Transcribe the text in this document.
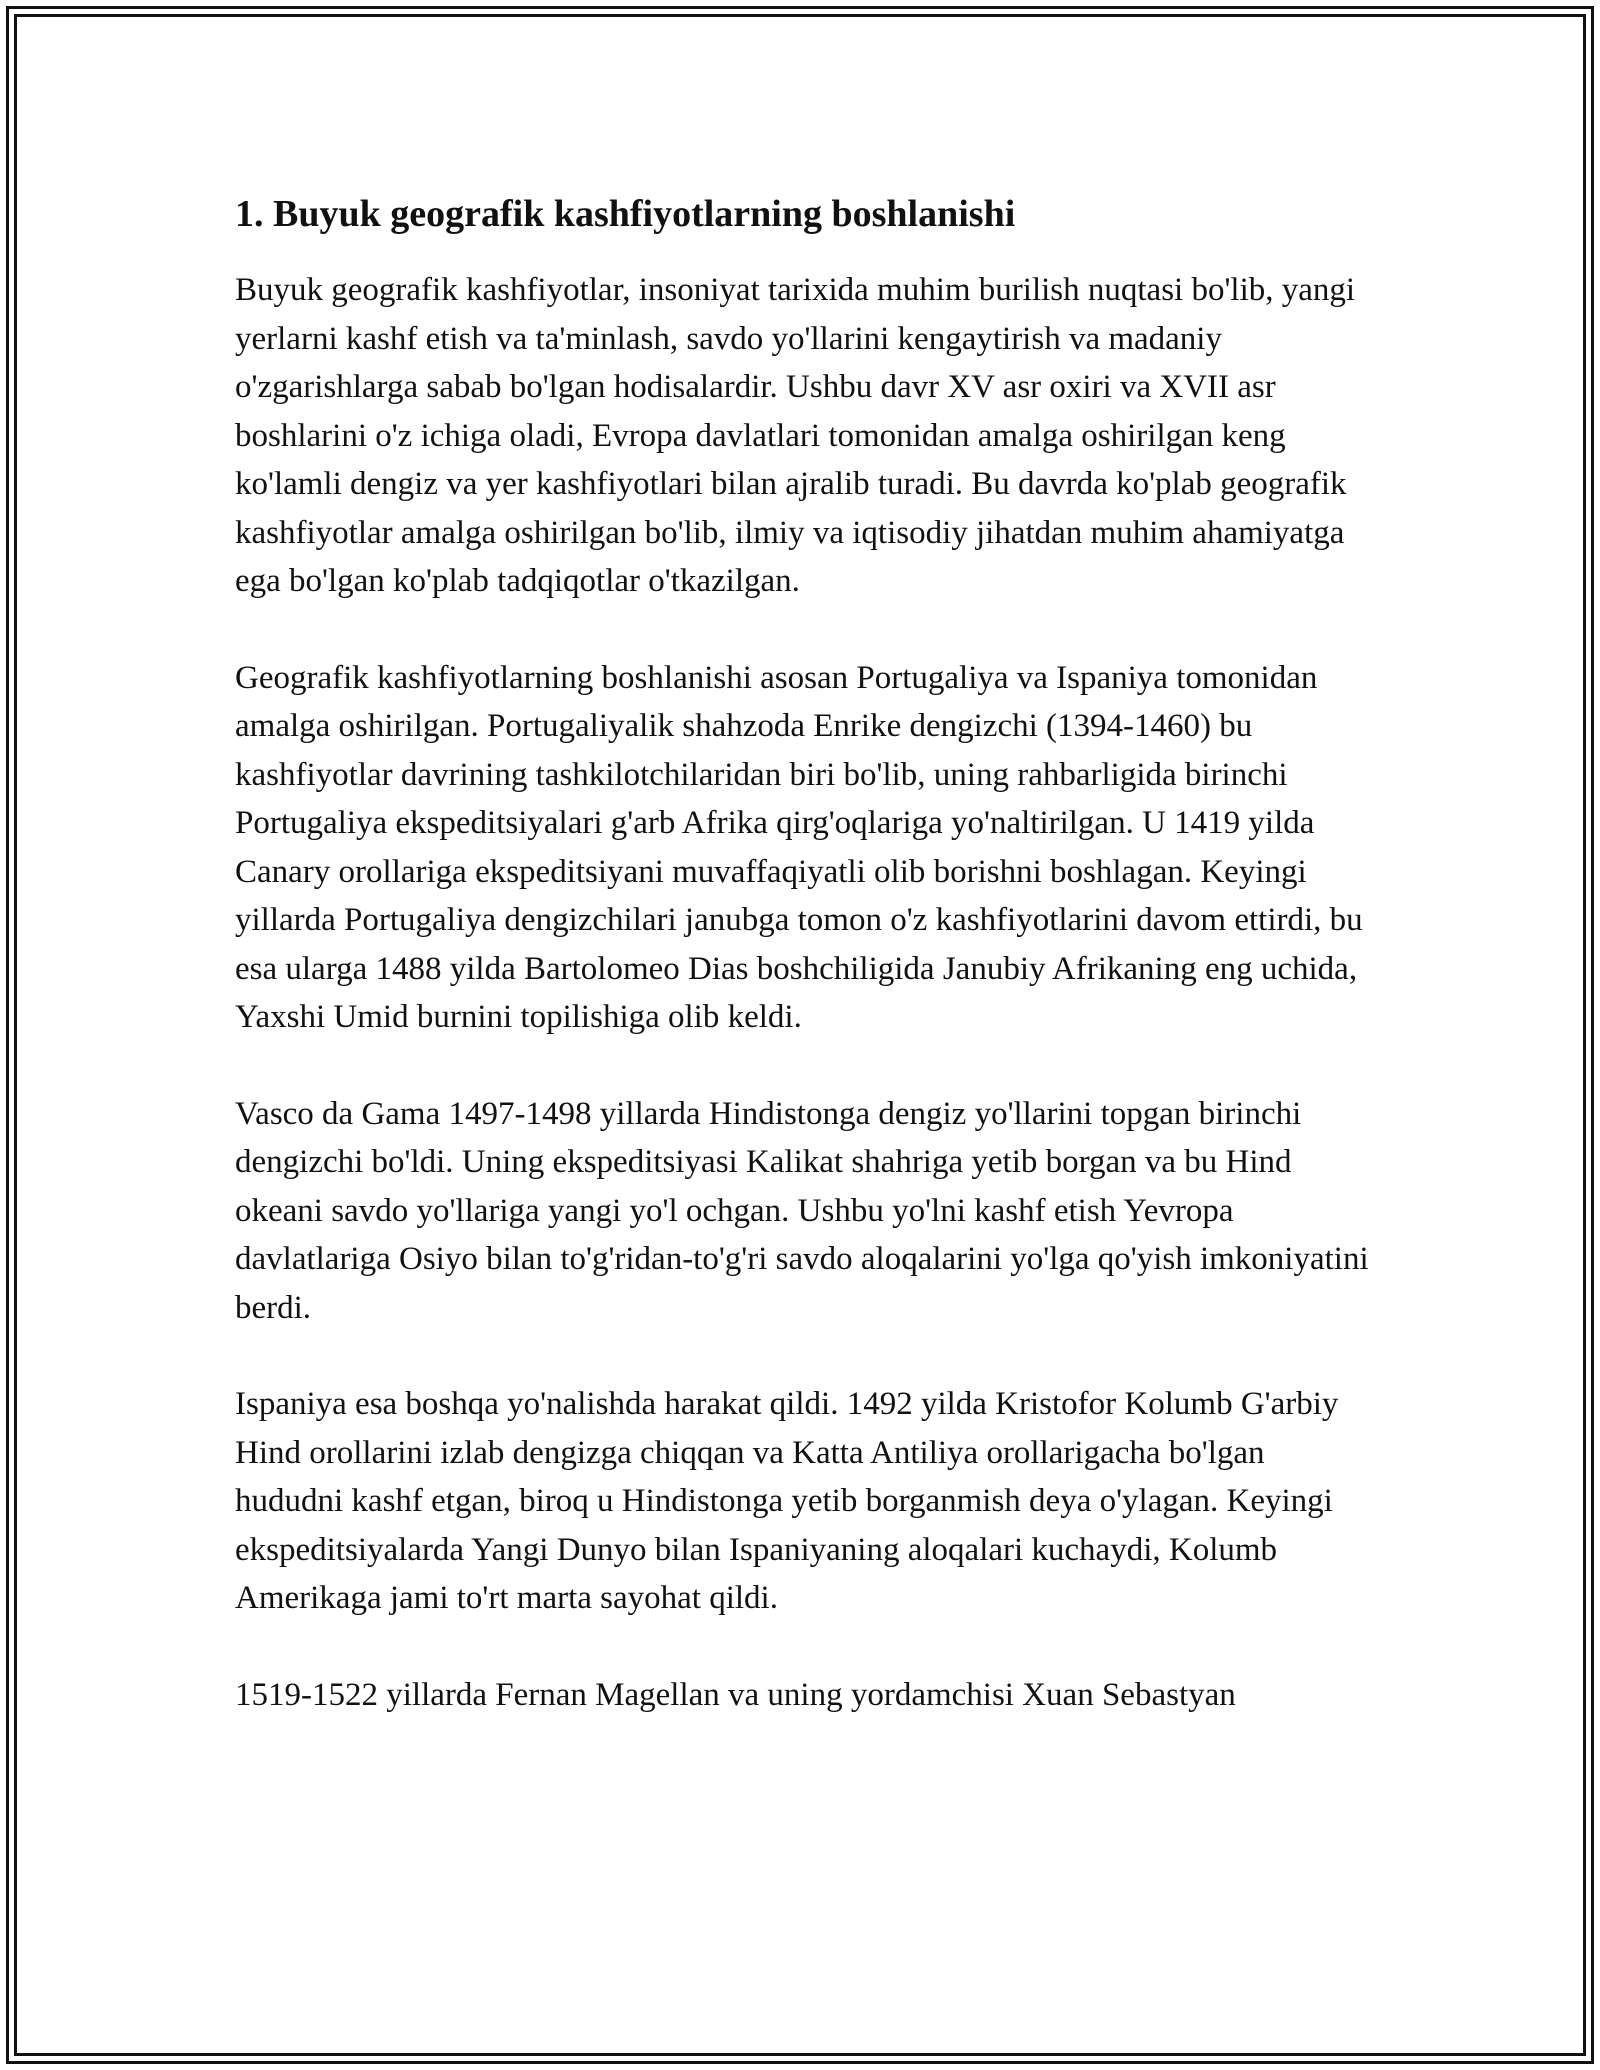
1. Buyuk geografik kashfiyotlarning boshlanishi

Buyuk geografik kashfiyotlar, insoniyat tarixida muhim burilish nuqtasi bo'lib, yangi yerlarni kashf etish va ta'minlash, savdo yo'llarini kengaytirish va madaniy o'zgarishlarga sabab bo'lgan hodisalardir. Ushbu davr XV asr oxiri va XVII asr boshlarini o'z ichiga oladi, Evropa davlatlari tomonidan amalga oshirilgan keng ko'lamli dengiz va yer kashfiyotlari bilan ajralib turadi. Bu davrda ko'plab geografik kashfiyotlar amalga oshirilgan bo'lib, ilmiy va iqtisodiy jihatdan muhim ahamiyatga ega bo'lgan ko'plab tadqiqotlar o'tkazilgan.

Geografik kashfiyotlarning boshlanishi asosan Portugaliya va Ispaniya tomonidan amalga oshirilgan. Portugaliyalik shahzoda Enrike dengizchi (1394-1460) bu kashfiyotlar davrining tashkilotchilaridan biri bo'lib, uning rahbarligida birinchi Portugaliya ekspeditsiyalari g'arb Afrika qirg'oqlariga yo'naltirilgan. U 1419 yilda Canary orollariga ekspeditsiyani muvaffaqiyatli olib borishni boshlagan. Keyingi yillarda Portugaliya dengizchilari janubga tomon o'z kashfiyotlarini davom ettirdi, bu esa ularga 1488 yilda Bartolomeo Dias boshchiligida Janubiy Afrikaning eng uchida, Yaxshi Umid burnini topilishiga olib keldi.

Vasco da Gama 1497-1498 yillarda Hindistonga dengiz yo'llarini topgan birinchi dengizchi bo'ldi. Uning ekspeditsiyasi Kalikat shahriga yetib borgan va bu Hind okeani savdo yo'llariga yangi yo'l ochgan. Ushbu yo'lni kashf etish Yevropa davlatlariga Osiyo bilan to'g'ridan-to'g'ri savdo aloqalarini yo'lga qo'yish imkoniyatini berdi.

Ispaniya esa boshqa yo'nalishda harakat qildi. 1492 yilda Kristofor Kolumb G'arbiy Hind orollarini izlab dengizga chiqqan va Katta Antiliya orollarigacha bo'lgan hududni kashf etgan, biroq u Hindistonga yetib borganmish deya o'ylagan. Keyingi ekspeditsiyalarda Yangi Dunyo bilan Ispaniyaning aloqalari kuchaydi, Kolumb Amerikaga jami to'rt marta sayohat qildi.

1519-1522 yillarda Fernan Magellan va uning yordamchisi Xuan Sebastyan
